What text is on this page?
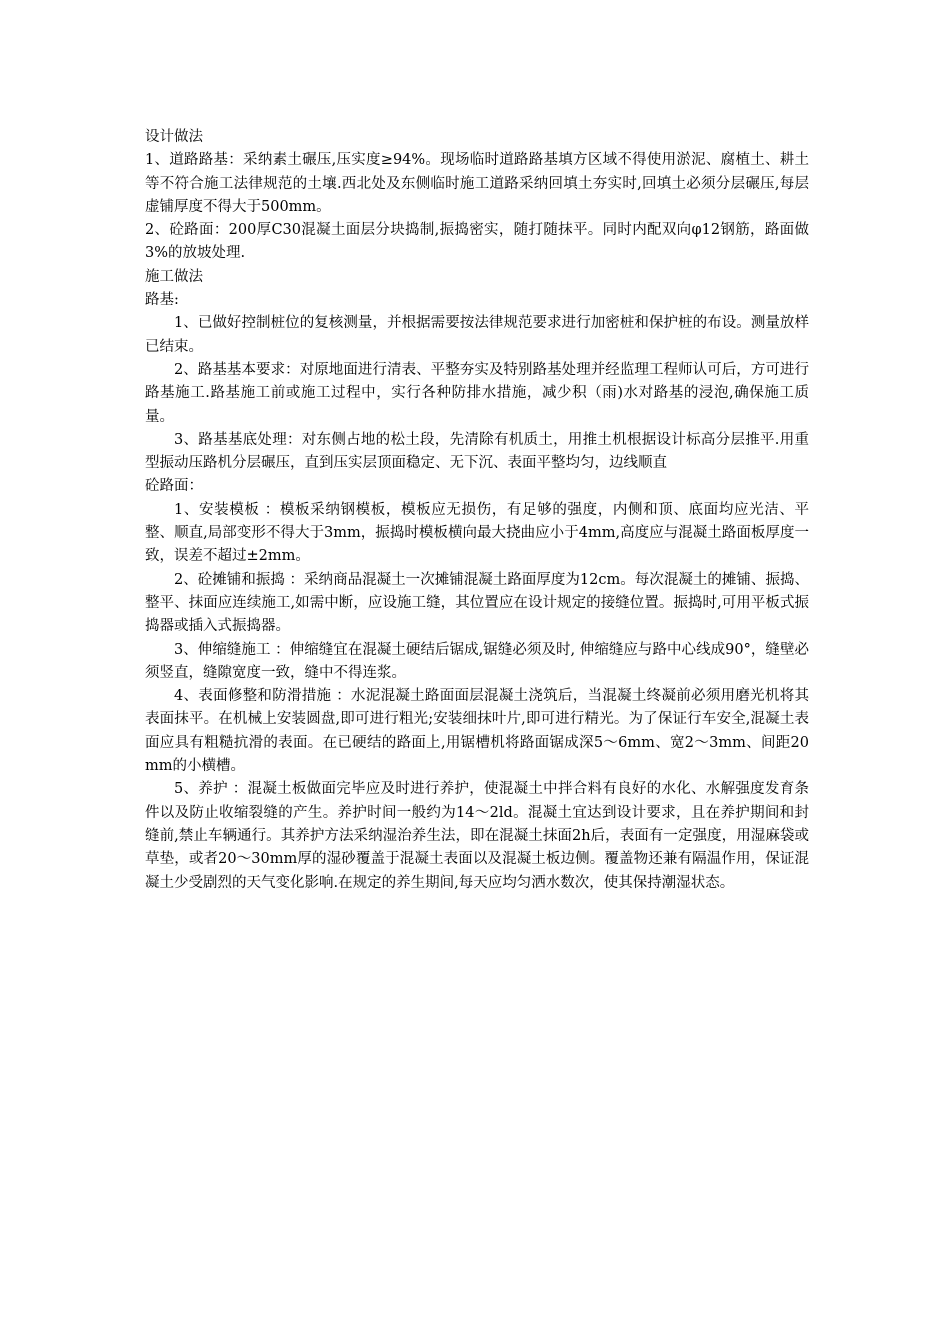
设计做法

1、道路路基：采纳素土碾压,压实度≥94%。现场临时道路路基填方区域不得使用淤泥、腐植土、耕土等不符合施工法律规范的土壤.西北处及东侧临时施工道路采纳回填土夯实时,回填土必须分层碾压,每层虚铺厚度不得大于500mm。

2、砼路面：200厚C30混凝土面层分块捣制,振捣密实，随打随抹平。同时内配双向φ12钢筋，路面做3%的放坡处理.

施工做法

路基:

1、已做好控制桩位的复核测量，并根据需要按法律规范要求进行加密桩和保护桩的布设。测量放样已结束。

2、路基基本要求：对原地面进行清表、平整夯实及特别路基处理并经监理工程师认可后，方可进行路基施工.路基施工前或施工过程中，实行各种防排水措施，减少积（雨)水对路基的浸泡,确保施工质量。

3、路基基底处理：对东侧占地的松土段，先清除有机质土，用推土机根据设计标高分层推平.用重型振动压路机分层碾压，直到压实层顶面稳定、无下沉、表面平整均匀，边线顺直

砼路面：

1、安装模板 ：模板采纳钢模板，模板应无损伤，有足够的强度，内侧和顶、底面均应光洁、平整、顺直,局部变形不得大于3mm，振捣时模板横向最大挠曲应小于4mm,高度应与混凝土路面板厚度一致，误差不超过±2mm。

2、砼摊铺和振捣 ：采纳商品混凝土一次摊铺混凝土路面厚度为12cm。每次混凝土的摊铺、振捣、整平、抹面应连续施工,如需中断，应设施工缝，其位置应在设计规定的接缝位置。振捣时,可用平板式振捣器或插入式振捣器。

3、伸缩缝施工 ：伸缩缝宜在混凝土硬结后锯成,锯缝必须及时, 伸缩缝应与路中心线成90°，缝壁必须竖直，缝隙宽度一致，缝中不得连浆。

4、表面修整和防滑措施 ：水泥混凝土路面面层混凝土浇筑后，当混凝土终凝前必须用磨光机将其表面抹平。在机械上安装圆盘,即可进行粗光;安装细抹叶片,即可进行精光。为了保证行车安全,混凝土表面应具有粗糙抗滑的表面。在已硬结的路面上,用锯槽机将路面锯成深5～6mm、宽2～3mm、间距20mm的小横槽。

5、养护 ：混凝土板做面完毕应及时进行养护，使混凝土中拌合料有良好的水化、水解强度发育条件以及防止收缩裂缝的产生。养护时间一般约为14～2ld。混凝土宜达到设计要求，且在养护期间和封缝前,禁止车辆通行。其养护方法采纳湿治养生法，即在混凝土抹面2h后，表面有一定强度，用湿麻袋或草垫，或者20～30mm厚的湿砂覆盖于混凝土表面以及混凝土板边侧。覆盖物还兼有隔温作用，保证混凝土少受剧烈的天气变化影响.在规定的养生期间,每天应均匀洒水数次，使其保持潮湿状态。
